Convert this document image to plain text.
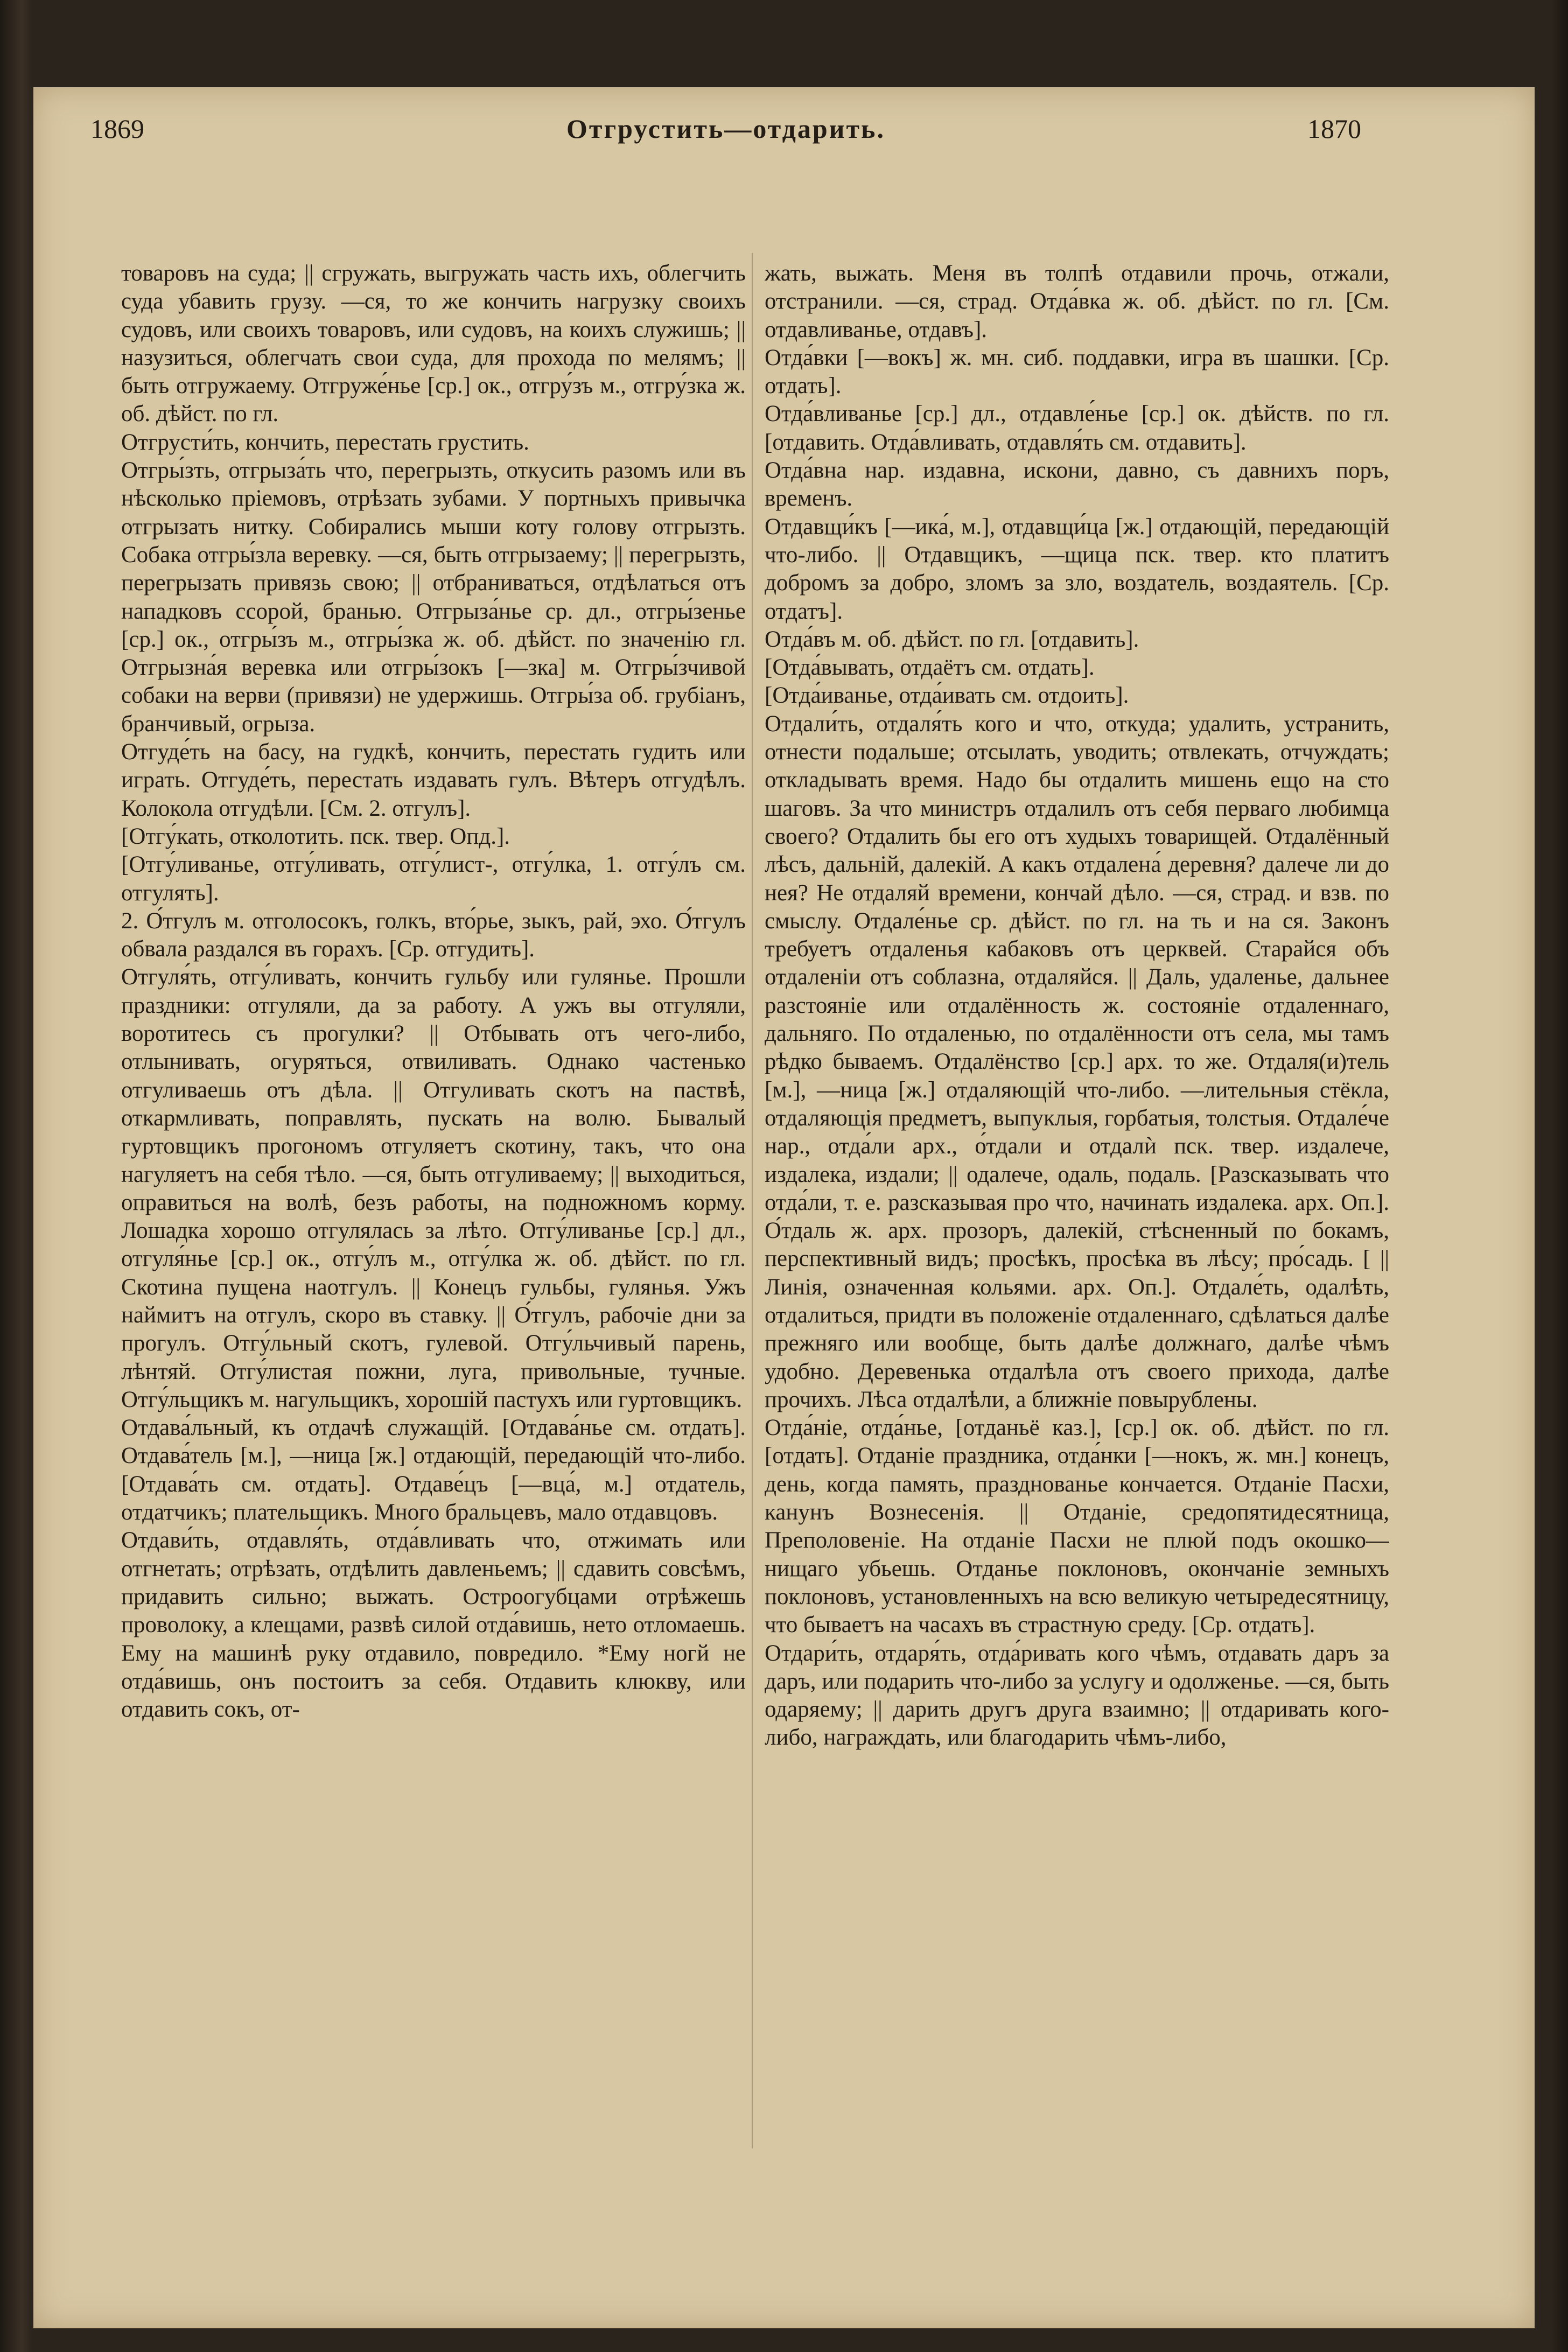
1869	Отгрустить—отдарить.	1870

товаровъ на суда; || сгружать, выгружать часть ихъ, облегчить суда убавить грузу. —ся, то же кончить нагрузку своихъ судовъ, или своихъ товаровъ, или судовъ, на коихъ служишь; || назузиться, облегчать свои суда, для прохода по мелямъ; || быть отгружаему. Отгруже́нье [ср.] ок., отгру́зъ м., отгру́зка ж. об. дѣйст. по гл.

Отгрусти́ть, кончить, перестать грустить.

Отгры́зть, отгрыза́ть что, перегрызть, откусить разомъ или въ нѣсколько пріемовъ, отрѣзать зубами. У портныхъ привычка отгрызать нитку. Собирались мыши коту голову отгрызть. Собака отгры́зла веревку. —ся, быть отгрызаему; || перегрызть, перегрызать привязь свою; || отбраниваться, отдѣлаться отъ нападковъ ссорой, бранью. Отгрыза́нье ср. дл., отгры́зенье [ср.] ок., отгры́зъ м., отгры́зка ж. об. дѣйст. по значенію гл. Отгрызна́я веревка или отгры́зокъ [—зка] м. Отгры́зчивой собаки на верви (привязи) не удержишь. Отгры́за об. грубіанъ, бранчивый, огрыза.

Отгуде́ть на басу, на гудкѣ, кончить, перестать гудить или играть. Отгуде́ть, перестать издавать гулъ. Вѣтеръ отгудѣлъ. Колокола отгудѣли. [См. 2. отгулъ].

[Отгу́кать, отколотить. пск. твер. Опд.].

[Отгу́ливанье, отгу́ливать, отгу́лист-, отгу́лка, 1. отгу́лъ см. отгулять].

2. О́тгулъ м. отголосокъ, голкъ, вто́рье, зыкъ, рай, эхо. О́тгулъ обвала раздался въ горахъ. [Ср. отгудить].

Отгуля́ть, отгу́ливать, кончить гульбу или гулянье. Прошли праздники: отгуляли, да за работу. А ужъ вы отгуляли, воротитесь съ прогулки? || Отбывать отъ чего-либо, отлынивать, огуряться, отвиливать. Однако частенько отгуливаешь отъ дѣла. || Отгуливать скотъ на паствѣ, откармливать, поправлять, пускать на волю. Бывалый гуртовщикъ прогономъ отгуляетъ скотину, такъ, что она нагуляетъ на себя тѣло. —ся, быть отгуливаему; || выходиться, оправиться на волѣ, безъ работы, на подножномъ корму. Лошадка хорошо отгулялась за лѣто. Отгу́ливанье [ср.] дл., отгуля́нье [ср.] ок., отгу́лъ м., отгу́лка ж. об. дѣйст. по гл. Скотина пущена наотгулъ. || Конецъ гульбы, гулянья. Ужъ наймитъ на отгулъ, скоро въ ставку. || О́тгулъ, рабочіе дни за прогулъ. Отгу́льный скотъ, гулевой. Отгу́льчивый парень, лѣнтяй. Отгу́листая пожни, луга, привольные, тучные. Отгу́льщикъ м. нагульщикъ, хорошій пастухъ или гуртовщикъ.

Отдава́льный, къ отдачѣ служащій. [Отдава́нье см. отдать]. Отдава́тель [м.], —ница [ж.] отдающій, передающій что-либо. [Отдава́ть см. отдать]. Отдаве́цъ [—вца́, м.] отдатель, отдатчикъ; плательщикъ. Много бральцевъ, мало отдавцовъ.

Отдави́ть, отдавля́ть, отда́вливать что, отжимать или отгнетать; отрѣзать, отдѣлить давленьемъ; || сдавить совсѣмъ, придавить сильно; выжать. Остроогубцами отрѣжешь проволоку, а клещами, развѣ силой отда́вишь, нето отломаешь. Ему на машинѣ руку отдавило, повредило. *Ему ногй не отда́вишь, онъ постоитъ за себя. Отдавить клюкву, или отдавить сокъ, от-

жать, выжать. Меня въ толпѣ отдавили прочь, отжали, отстранили. —ся, страд. Отда́вка ж. об. дѣйст. по гл. [См. отдавливанье, отдавъ].

Отда́вки [—вокъ] ж. мн. сиб. поддавки, игра въ шашки. [Ср. отдать].

Отда́вливанье [ср.] дл., отдавле́нье [ср.] ок. дѣйств. по гл. [отдавить. Отда́вливать, отдавля́ть см. отдавить].

Отда́вна нар. издавна, искони, давно, съ давнихъ поръ, временъ.

Отдавщи́къ [—ика́, м.], отдавщи́ца [ж.] отдающій, передающій что-либо. || Отдавщикъ, —щица пск. твер. кто платитъ добромъ за добро, зломъ за зло, воздатель, воздаятель. [Ср. отдатъ].

Отда́въ м. об. дѣйст. по гл. [отдавить].

[Отда́вывать, отдаётъ см. отдать].

[Отда́иванье, отда́ивать см. отдоить].

Отдали́ть, отдаля́ть кого и что, откуда; удалить, устранить, отнести подальше; отсылать, уводить; отвлекать, отчуждать; откладывать время. Надо бы отдалить мишень ещо на сто шаговъ. За что министръ отдалилъ отъ себя перваго любимца своего? Отдалить бы его отъ худыхъ товарищей. Отдалённый лѣсъ, дальній, далекій. А какъ отдалена́ деревня? далече ли до нея? Не отдаляй времени, кончай дѣло. —ся, страд. и взв. по смыслу. Отдале́нье ср. дѣйст. по гл. на ть и на ся. Законъ требуетъ отдаленья кабаковъ отъ церквей. Старайся объ отдаленіи отъ соблазна, отдаляйся. || Даль, удаленье, дальнее разстояніе или отдалённость ж. состояніе отдаленнаго, дальняго. По отдаленью, по отдалённости отъ села, мы тамъ рѣдко бываемъ. Отдалёнство [ср.] арх. то же. Отдаля(и)тель [м.], —ница [ж.] отдаляющій что-либо. —лительныя стёкла, отдаляющія предметъ, выпуклыя, горбатыя, толстыя. Отдале́че нар., отда́ли арх., о́тдали и отдалѝ пск. твер. издалече, издалека, издали; || одалече, одаль, подаль. [Разсказывать что отда́ли, т. е. разсказывая про что, начинать издалека. арх. Оп.]. О́тдаль ж. арх. прозоръ, далекій, стѣсненный по бокамъ, перспективный видъ; просѣкъ, просѣка въ лѣсу; про́садь. [ || Линія, означенная кольями. арх. Оп.]. Отдале́ть, одалѣть, отдалиться, придти въ положеніе отдаленнаго, сдѣлаться далѣе прежняго или вообще, быть далѣе должнаго, далѣе чѣмъ удобно. Деревенька отдалѣла отъ своего прихода, далѣе прочихъ. Лѣса отдалѣли, а ближніе повырублены.

Отда́ніе, отда́нье, [отданьё каз.], [ср.] ок. об. дѣйст. по гл. [отдать]. Отданіе праздника, отда́нки [—нокъ, ж. мн.] конецъ, день, когда память, празднованье кончается. Отданіе Пасхи, канунъ Вознесенія. || Отданіе, средопятидесятница, Преполовеніе. На отданіе Пасхи не плюй подъ окошко— нищаго убьешь. Отданье поклоновъ, окончаніе земныхъ поклоновъ, установленныхъ на всю великую четыредесятницу, что бываетъ на часахъ въ страстную среду. [Ср. отдать].

Отдари́ть, отдаря́ть, отда́ривать кого чѣмъ, отдавать даръ за даръ, или подарить что-либо за услугу и одолженье. —ся, быть одаряему; || дарить другъ друга взаимно; || отдаривать кого-либо, награждать, или благодарить чѣмъ-либо,
